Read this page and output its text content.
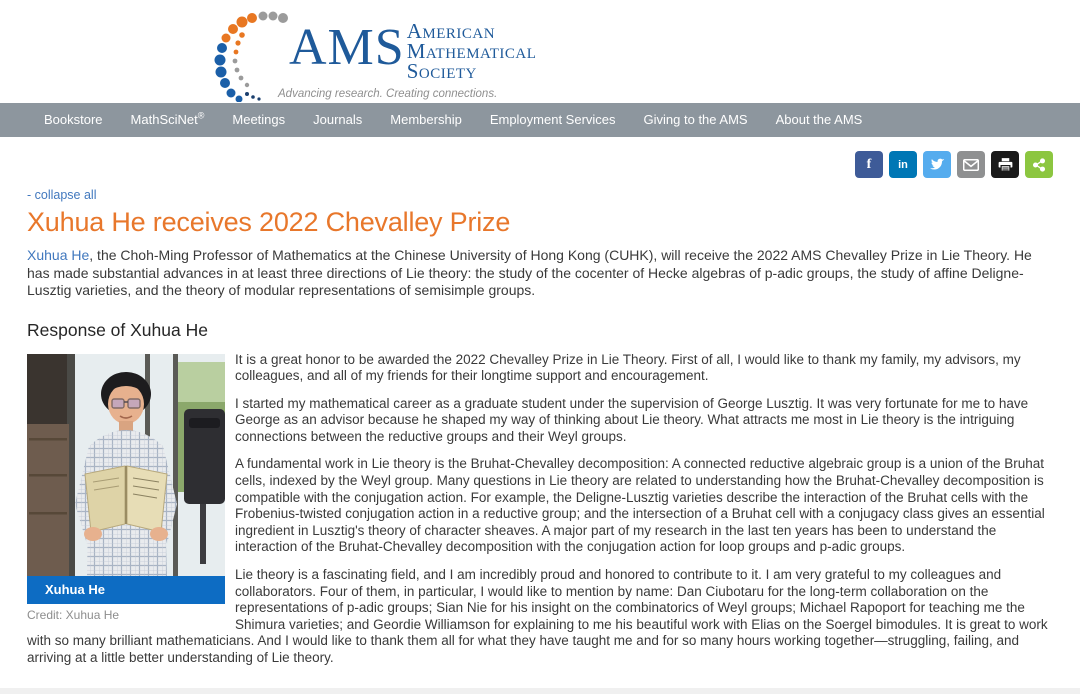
AMS American
Mathematical
Society
Advancing research. Creating connections.
Bookstore MathSciNet® Meetings Journals Membership Employment Services Giving to the AMS About the AMS
f in
- collapse all
Xuhua He receives 2022 Chevalley Prize

Xuhua He, the Choh-Ming Professor of Mathematics at the Chinese University of Hong Kong (CUHK), will receive the 2022 AMS Chevalley Prize in Lie Theory. He has made substantial advances in at least three directions of Lie theory: the study of the cocenter of Hecke algebras of p-adic groups, the study of affine Deligne-Lusztig varieties, and the theory of modular representations of semisimple groups.

Response of Xuhua He
Xuhua He
Credit: Xuhua He

It is a great honor to be awarded the 2022 Chevalley Prize in Lie Theory. First of all, I would like to thank my family, my advisors, my colleagues, and all of my friends for their longtime support and encouragement.

I started my mathematical career as a graduate student under the supervision of George Lusztig. It was very fortunate for me to have George as an advisor because he shaped my way of thinking about Lie theory. What attracts me most in Lie theory is the intriguing connections between the reductive groups and their Weyl groups.

A fundamental work in Lie theory is the Bruhat-Chevalley decomposition: A connected reductive algebraic group is a union of the Bruhat cells, indexed by the Weyl group. Many questions in Lie theory are related to understanding how the Bruhat-Chevalley decomposition is compatible with the conjugation action. For example, the Deligne-Lusztig varieties describe the interaction of the Bruhat cells with the Frobenius-twisted conjugation action in a reductive group; and the intersection of a Bruhat cell with a conjugacy class gives an essential ingredient in Lusztig's theory of character sheaves. A major part of my research in the last ten years has been to understand the interaction of the Bruhat-Chevalley decomposition with the conjugation action for loop groups and p-adic groups.

Lie theory is a fascinating field, and I am incredibly proud and honored to contribute to it. I am very grateful to my colleagues and collaborators. Four of them, in particular, I would like to mention by name: Dan Ciubotaru for the long-term collaboration on the representations of p-adic groups; Sian Nie for his insight on the combinatorics of Weyl groups; Michael Rapoport for teaching me the Shimura varieties; and Geordie Williamson for explaining to me his beautiful work with Elias on the Soergel bimodules. It is great to work with so many brilliant mathematicians. And I would like to thank them all for what they have taught me and for so many hours working together—struggling, failing, and arriving at a little better understanding of Lie theory.
